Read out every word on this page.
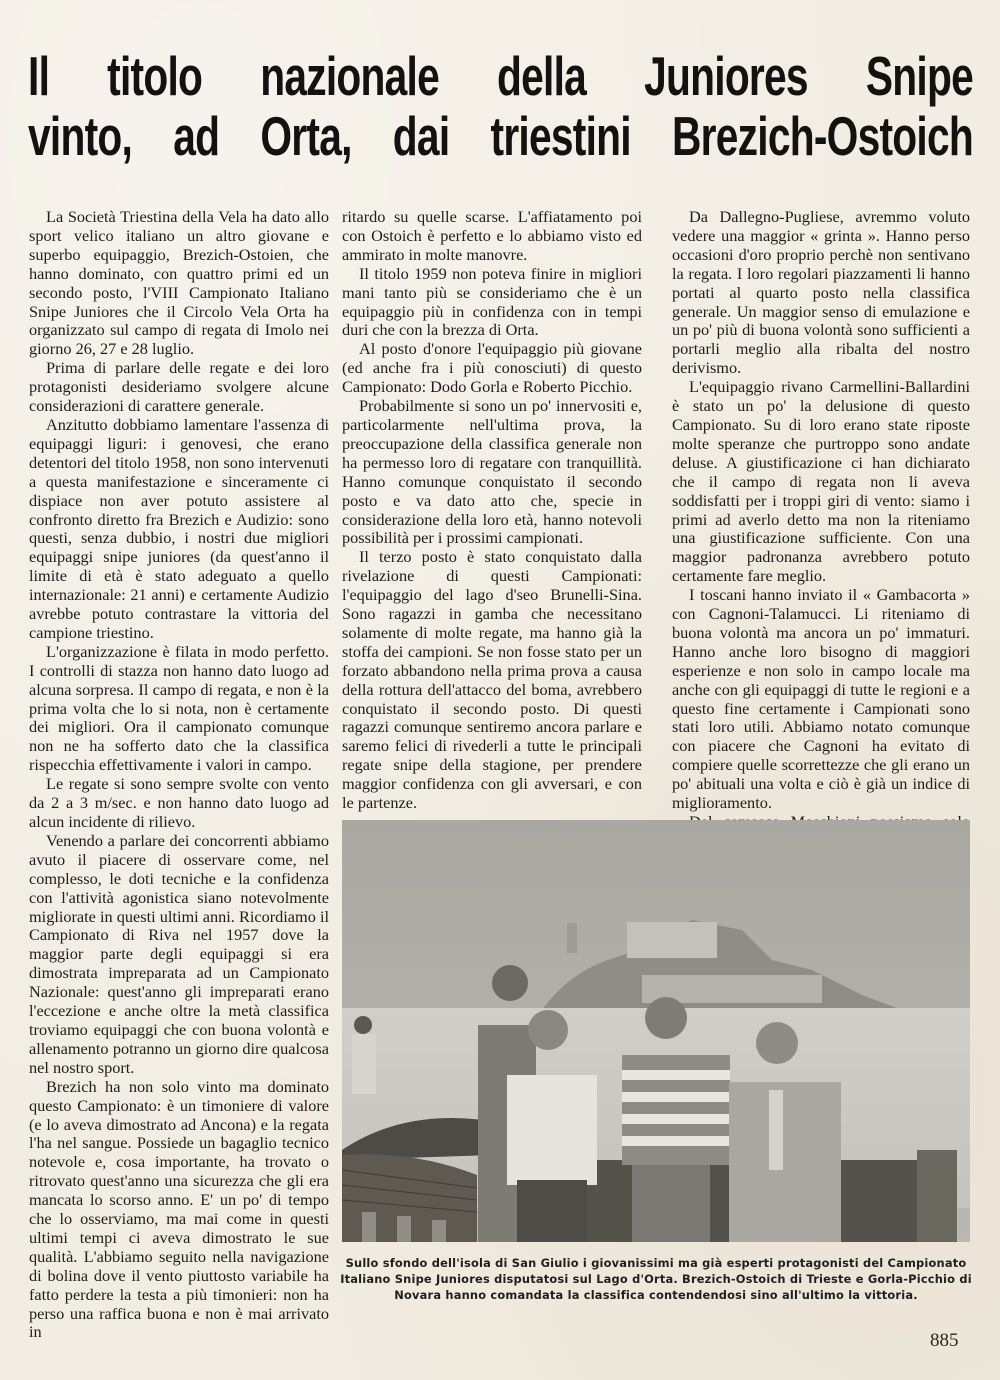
Il titolo nazionale della Juniores Snipe
vinto, ad Orta, dai triestini Brezich-Ostoich

La Società Triestina della Vela ha dato allo sport velico italiano un altro giovane e superbo equipaggio, Brezich-Ostoien, che hanno dominato, con quattro primi ed un secondo posto, l'VIII Campionato Italiano Snipe Juniores che il Circolo Vela Orta ha organizzato sul campo di regata di Imolo nei giorno 26, 27 e 28 luglio.

Prima di parlare delle regate e dei loro protagonisti desideriamo svolgere alcune considerazioni di carattere generale.

Anzitutto dobbiamo lamentare l'assenza di equipaggi liguri: i genovesi, che erano detentori del titolo 1958, non sono intervenuti a questa manifestazione e sinceramente ci dispiace non aver potuto assistere al confronto diretto fra Brezich e Audizio: sono questi, senza dubbio, i nostri due migliori equipaggi snipe juniores (da quest'anno il limite di età è stato adeguato a quello internazionale: 21 anni) e certamente Audizio avrebbe potuto contrastare la vittoria del campione triestino.

L'organizzazione è filata in modo perfetto. I controlli di stazza non hanno dato luogo ad alcuna sorpresa. Il campo di regata, e non è la prima volta che lo si nota, non è certamente dei migliori. Ora il campionato comunque non ne ha sofferto dato che la classifica rispecchia effettivamente i valori in campo.

Le regate si sono sempre svolte con vento da 2 a 3 m/sec. e non hanno dato luogo ad alcun incidente di rilievo.

Venendo a parlare dei concorrenti abbiamo avuto il piacere di osservare come, nel complesso, le doti tecniche e la confidenza con l'attività agonistica siano notevolmente migliorate in questi ultimi anni. Ricordiamo il Campionato di Riva nel 1957 dove la maggior parte degli equipaggi si era dimostrata impreparata ad un Campionato Nazionale: quest'anno gli impreparati erano l'eccezione e anche oltre la metà classifica troviamo equipaggi che con buona volontà e allenamento potranno un giorno dire qualcosa nel nostro sport.

Brezich ha non solo vinto ma dominato questo Campionato: è un timoniere di valore (e lo aveva dimostrato ad Ancona) e la regata l'ha nel sangue. Possiede un bagaglio tecnico notevole e, cosa importante, ha trovato o ritrovato quest'anno una sicurezza che gli era mancata lo scorso anno. E' un po' di tempo che lo osserviamo, ma mai come in questi ultimi tempi ci aveva dimostrato le sue qualità. L'abbiamo seguito nella navigazione di bolina dove il vento piuttosto variabile ha fatto perdere la testa a più timonieri: non ha perso una raffica buona e non è mai arrivato in

ritardo su quelle scarse. L'affiatamento poi con Ostoich è perfetto e lo abbiamo visto ed ammirato in molte manovre.

Il titolo 1959 non poteva finire in migliori mani tanto più se consideriamo che è un equipaggio più in confidenza con in tempi duri che con la brezza di Orta.

Al posto d'onore l'equipaggio più giovane (ed anche fra i più conosciuti) di questo Campionato: Dodo Gorla e Roberto Picchio.

Probabilmente si sono un po' innervositi e, particolarmente nell'ultima prova, la preoccupazione della classifica generale non ha permesso loro di regatare con tranquillità. Hanno comunque conquistato il secondo posto e va dato atto che, specie in considerazione della loro età, hanno notevoli possibilità per i prossimi campionati.

Il terzo posto è stato conquistato dalla rivelazione di questi Campionati: l'equipaggio del lago d'seo Brunelli-Sina. Sono ragazzi in gamba che necessitano solamente di molte regate, ma hanno già la stoffa dei campioni. Se non fosse stato per un forzato abbandono nella prima prova a causa della rottura dell'attacco del boma, avrebbero conquistato il secondo posto. Di questi ragazzi comunque sentiremo ancora parlare e saremo felici di rivederli a tutte le principali regate snipe della stagione, per prendere maggior confidenza con gli avversari, e con le partenze.

Da Dallegno-Pugliese, avremmo voluto vedere una maggior « grinta ». Hanno perso occasioni d'oro proprio perchè non sentivano la regata. I loro regolari piazzamenti li hanno portati al quarto posto nella classifica generale. Un maggior senso di emulazione e un po' più di buona volontà sono sufficienti a portarli meglio alla ribalta del nostro derivismo.

L'equipaggio rivano Carmellini-Ballardini è stato un po' la delusione di questo Campionato. Su di loro erano state riposte molte speranze che purtroppo sono andate deluse. A giustificazione ci han dichiarato che il campo di regata non li aveva soddisfatti per i troppi giri di vento: siamo i primi ad averlo detto ma non la riteniamo una giustificazione sufficiente. Con una maggior padronanza avrebbero potuto certamente fare meglio.

I toscani hanno inviato il « Gambacorta » con Cagnoni-Talamucci. Li riteniamo di buona volontà ma ancora un po' immaturi. Hanno anche loro bisogno di maggiori esperienze e non solo in campo locale ma anche con gli equipaggi di tutte le regioni e a questo fine certamente i Campionati sono stati loro utili. Abbiamo notato comunque con piacere che Cagnoni ha evitato di compiere quelle scorrettezze che gli erano un po' abituali una volta e ciò è già un indice di miglioramento.

Sullo sfondo dell'isola di San Giulio i giovanissimi ma già esperti protagonisti del Campionato Italiano Snipe Juniores disputatosi sul Lago d'Orta. Brezich-Ostoich di Trieste e Gorla-Picchio di Novara hanno comandata la classifica contendendosi sino all'ultimo la vittoria.
885
